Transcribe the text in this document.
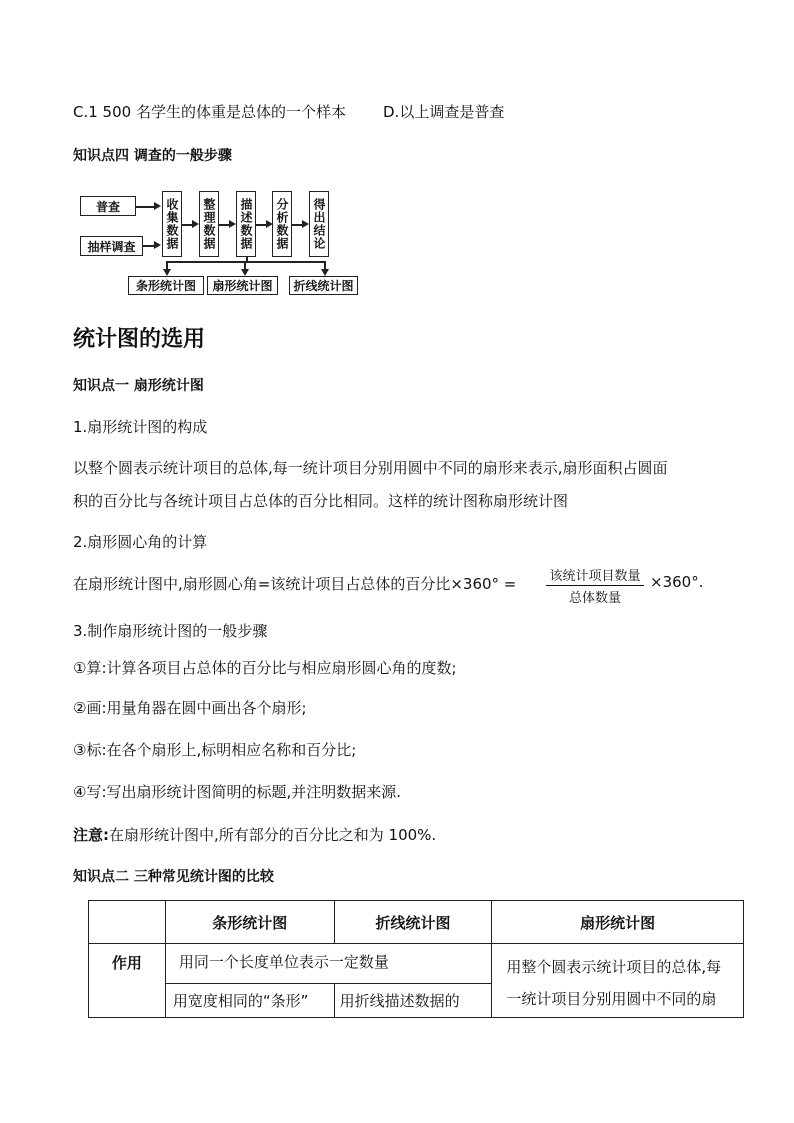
C.1 500 名学生的体重是总体的一个样本 D.以上调查是普查
知识点四 调查的一般步骤
普查
抽样调查 收集数据 整理数据 描述数据 分析数据 得出结论
条形统计图 扇形统计图 折线统计图
统计图的选用
知识点一 扇形统计图
1.扇形统计图的构成
以整个圆表示统计项目的总体,每一统计项目分别用圆中不同的扇形来表示,扇形面积占圆面
积的百分比与各统计项目占总体的百分比相同。这样的统计图称扇形统计图
2.扇形圆心角的计算
在扇形统计图中,扇形圆心角=该统计项目占总体的百分比×360° =	该统计项目数量
总体数量
×360°.
3.制作扇形统计图的一般步骤
①算:计算各项目占总体的百分比与相应扇形圆心角的度数;
②画:用量角器在圆中画出各个扇形;
③标:在各个扇形上,标明相应名称和百分比;
④写:写出扇形统计图简明的标题,并注明数据来源.
注意:在扇形统计图中,所有部分的百分比之和为 100%.
知识点二 三种常见统计图的比较
	条形统计图	折线统计图	扇形统计图
作用	用同一个长度单位表示一定数量		用整个圆表示统计项目的总体,每
一统计项目分别用圆中不同的扇
	用宽度相同的“条形”	用折线描述数据的	
